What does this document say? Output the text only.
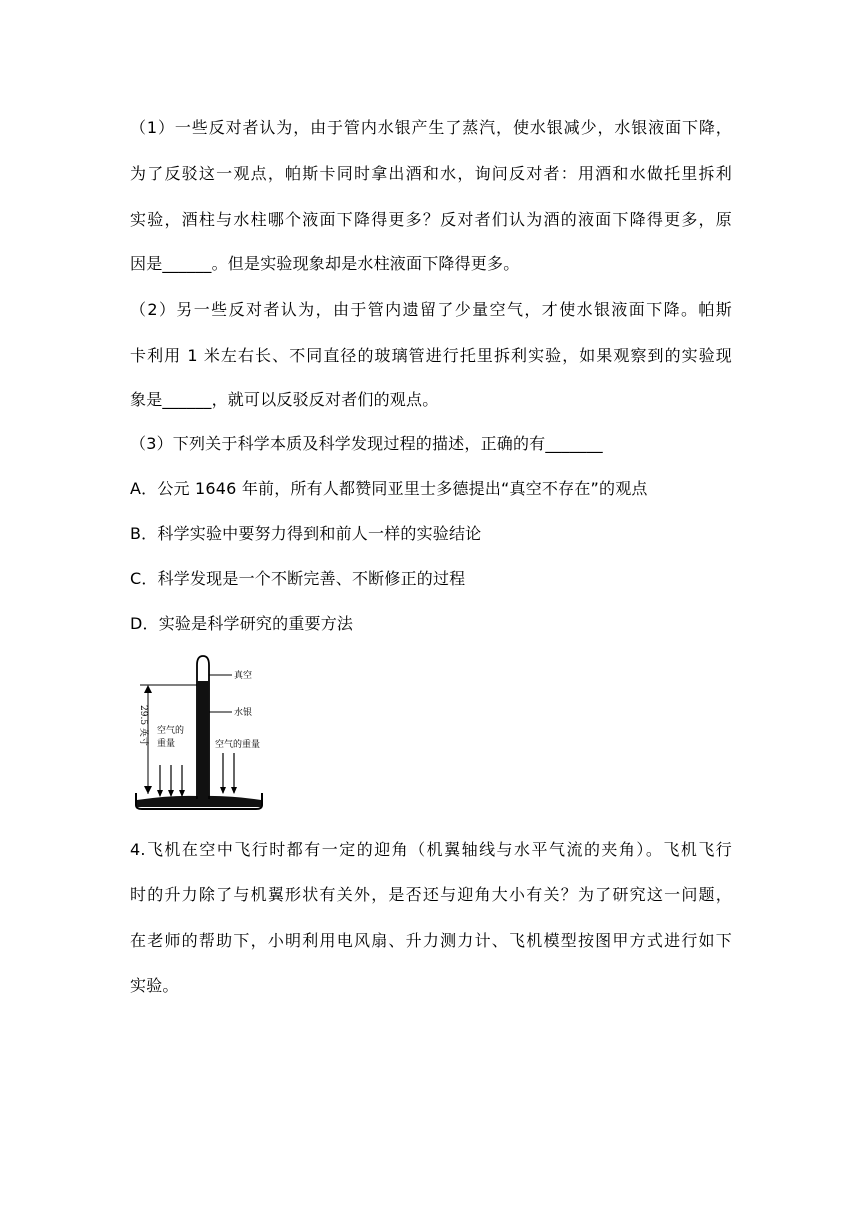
（1）一些反对者认为，由于管内水银产生了蒸汽，使水银减少，水银液面下降，
为了反驳这一观点，帕斯卡同时拿出酒和水，询问反对者：用酒和水做托里拆利
实验，酒柱与水柱哪个液面下降得更多？反对者们认为酒的液面下降得更多，原
因是______。但是实验现象却是水柱液面下降得更多。
（2）另一些反对者认为，由于管内遗留了少量空气，才使水银液面下降。帕斯
卡利用 1 米左右长、不同直径的玻璃管进行托里拆利实验，如果观察到的实验现
象是______，就可以反驳反对者们的观点。
（3）下列关于科学本质及科学发现过程的描述，正确的有_______
A．公元 1646 年前，所有人都赞同亚里士多德提出“真空不存在”的观点
B．科学实验中要努力得到和前人一样的实验结论
C．科学发现是一个不断完善、不断修正的过程
D．实验是科学研究的重要方法
真空
水银
29.5 英寸 空气的
重量	空气的重量
4.飞机在空中飞行时都有一定的迎角（机翼轴线与水平气流的夹角）。飞机飞行
时的升力除了与机翼形状有关外，是否还与迎角大小有关？为了研究这一问题，
在老师的帮助下，小明利用电风扇、升力测力计、飞机模型按图甲方式进行如下
实验。
